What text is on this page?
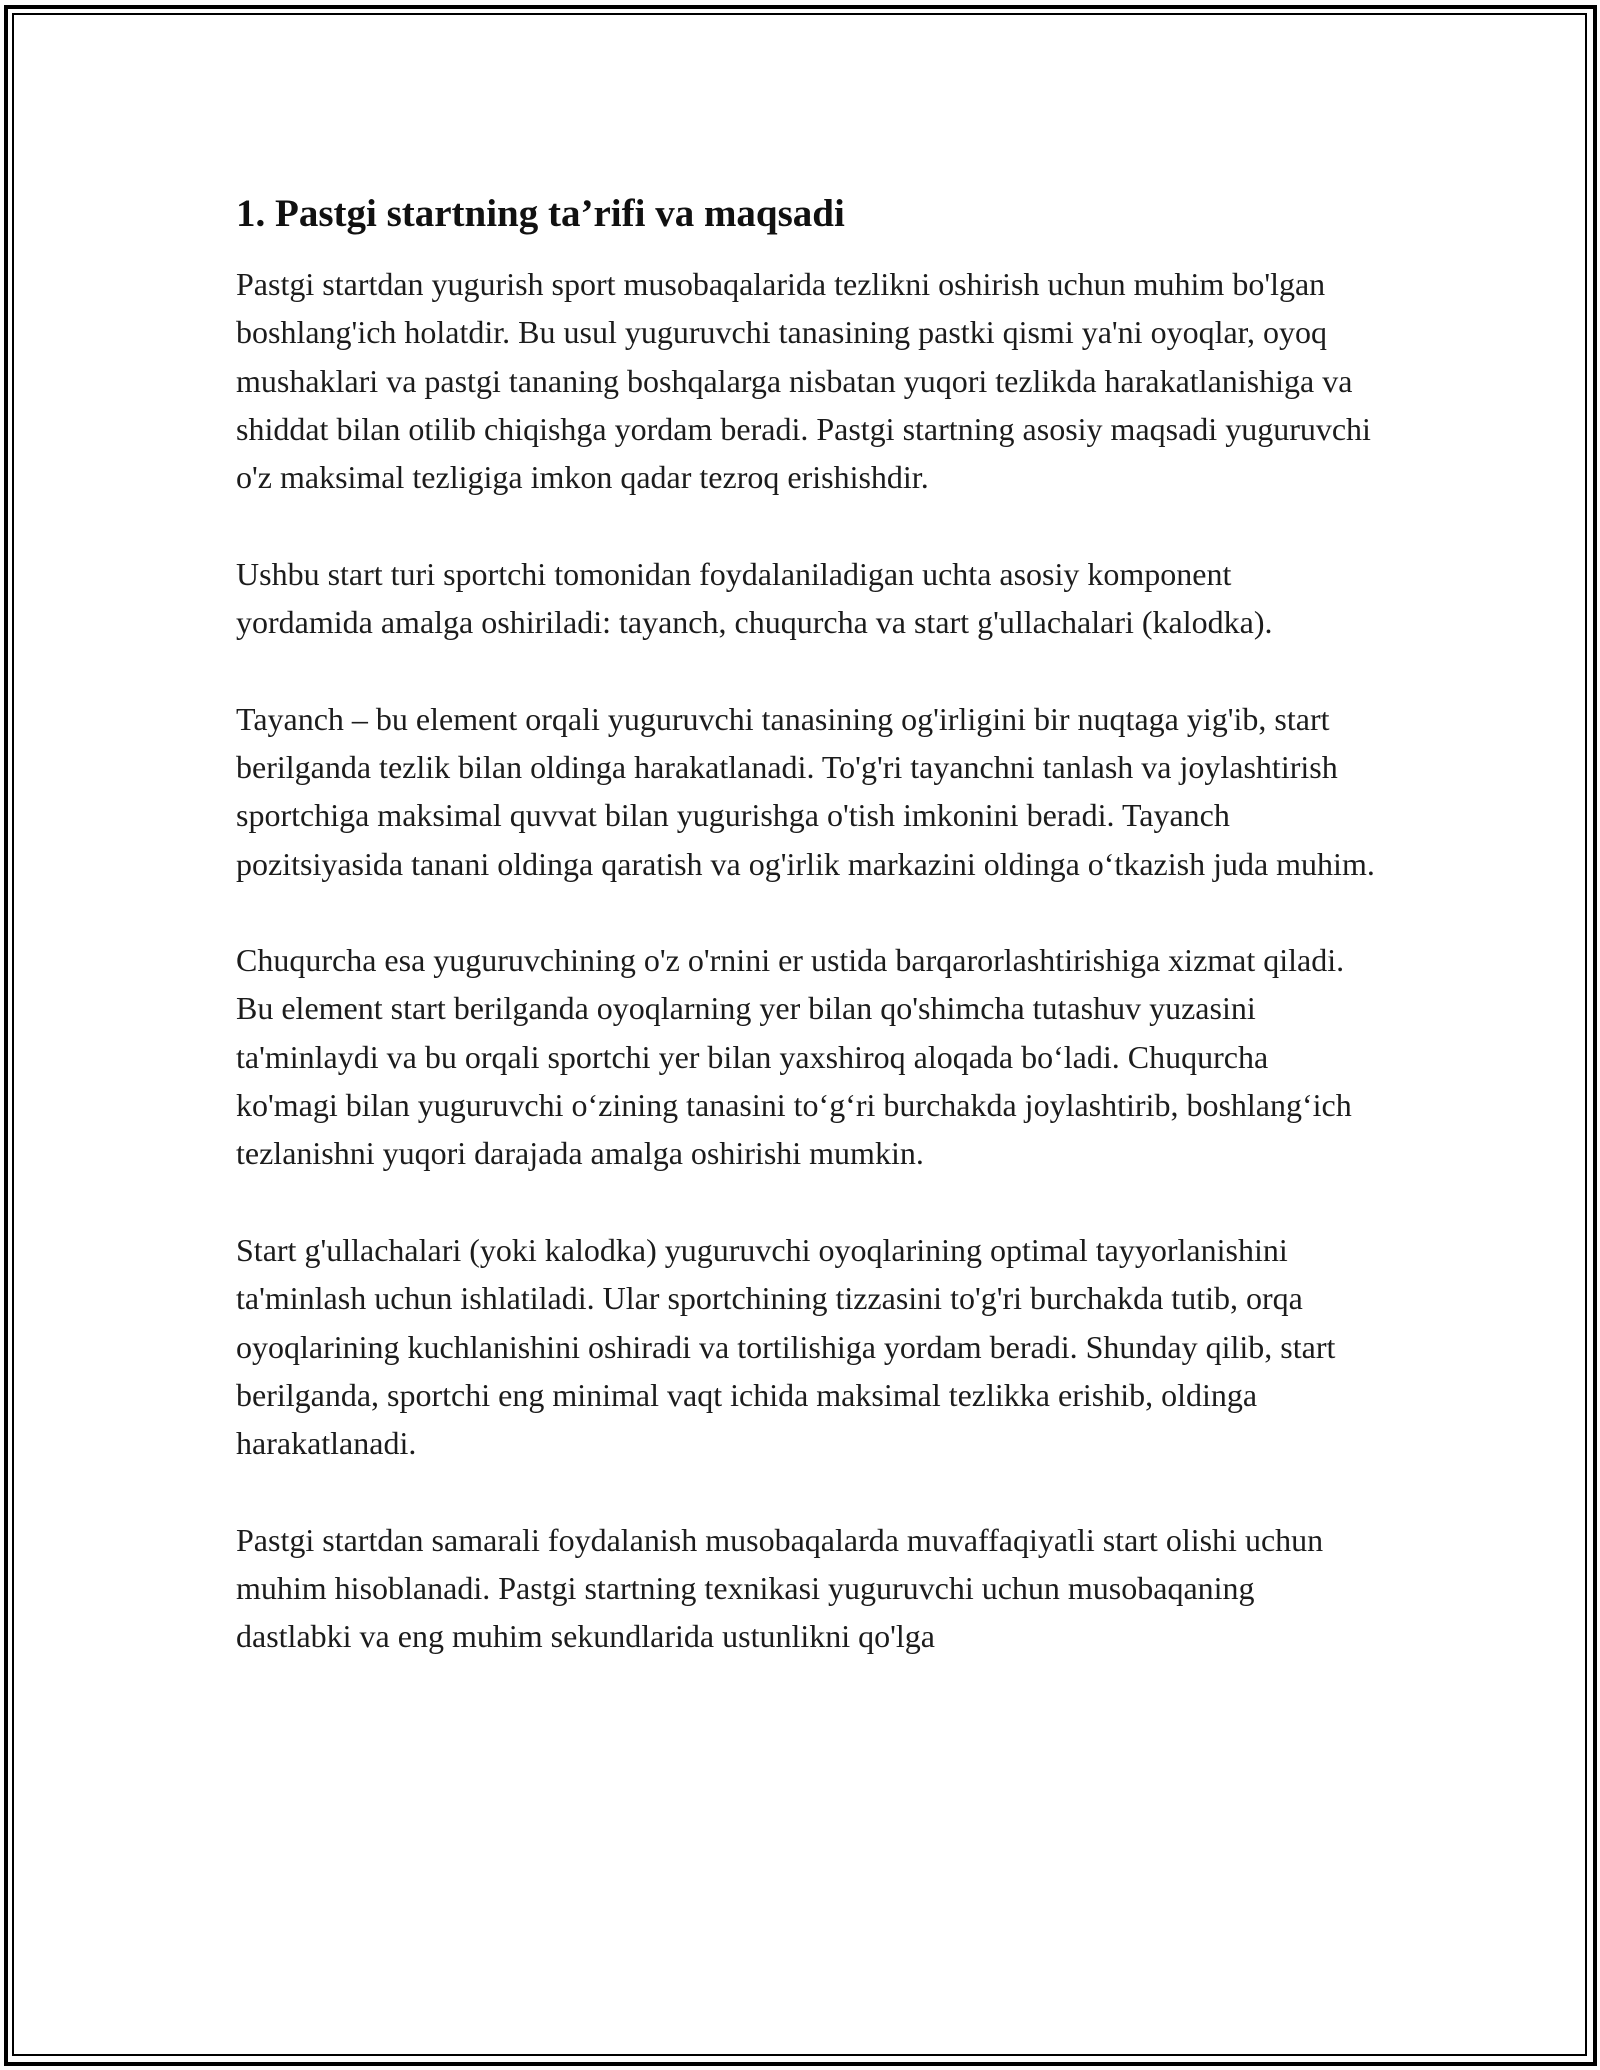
1. Pastgi startning ta’rifi va maqsadi

Pastgi startdan yugurish sport musobaqalarida tezlikni oshirish uchun muhim bo'lgan boshlang'ich holatdir. Bu usul yuguruvchi tanasining pastki qismi ya'ni oyoqlar, oyoq mushaklari va pastgi tananing boshqalarga nisbatan yuqori tezlikda harakatlanishiga va shiddat bilan otilib chiqishga yordam beradi. Pastgi startning asosiy maqsadi yuguruvchi o'z maksimal tezligiga imkon qadar tezroq erishishdir.

Ushbu start turi sportchi tomonidan foydalaniladigan uchta asosiy komponent yordamida amalga oshiriladi: tayanch, chuqurcha va start g'ullachalari (kalodka).

Tayanch – bu element orqali yuguruvchi tanasining og'irligini bir nuqtaga yig'ib, start berilganda tezlik bilan oldinga harakatlanadi. To'g'ri tayanchni tanlash va joylashtirish sportchiga maksimal quvvat bilan yugurishga o'tish imkonini beradi. Tayanch pozitsiyasida tanani oldinga qaratish va og'irlik markazini oldinga oʻtkazish juda muhim.

Chuqurcha esa yuguruvchining o'z o'rnini er ustida barqarorlashtirishiga xizmat qiladi. Bu element start berilganda oyoqlarning yer bilan qo'shimcha tutashuv yuzasini ta'minlaydi va bu orqali sportchi yer bilan yaxshiroq aloqada boʻladi. Chuqurcha ko'magi bilan yuguruvchi oʻzining tanasini toʻgʻri burchakda joylashtirib, boshlangʻich tezlanishni yuqori darajada amalga oshirishi mumkin.

Start g'ullachalari (yoki kalodka) yuguruvchi oyoqlarining optimal tayyorlanishini ta'minlash uchun ishlatiladi. Ular sportchining tizzasini to'g'ri burchakda tutib, orqa oyoqlarining kuchlanishini oshiradi va tortilishiga yordam beradi. Shunday qilib, start berilganda, sportchi eng minimal vaqt ichida maksimal tezlikka erishib, oldinga harakatlanadi.

Pastgi startdan samarali foydalanish musobaqalarda muvaffaqiyatli start olishi uchun muhim hisoblanadi. Pastgi startning texnikasi yuguruvchi uchun musobaqaning dastlabki va eng muhim sekundlarida ustunlikni qo'lga
